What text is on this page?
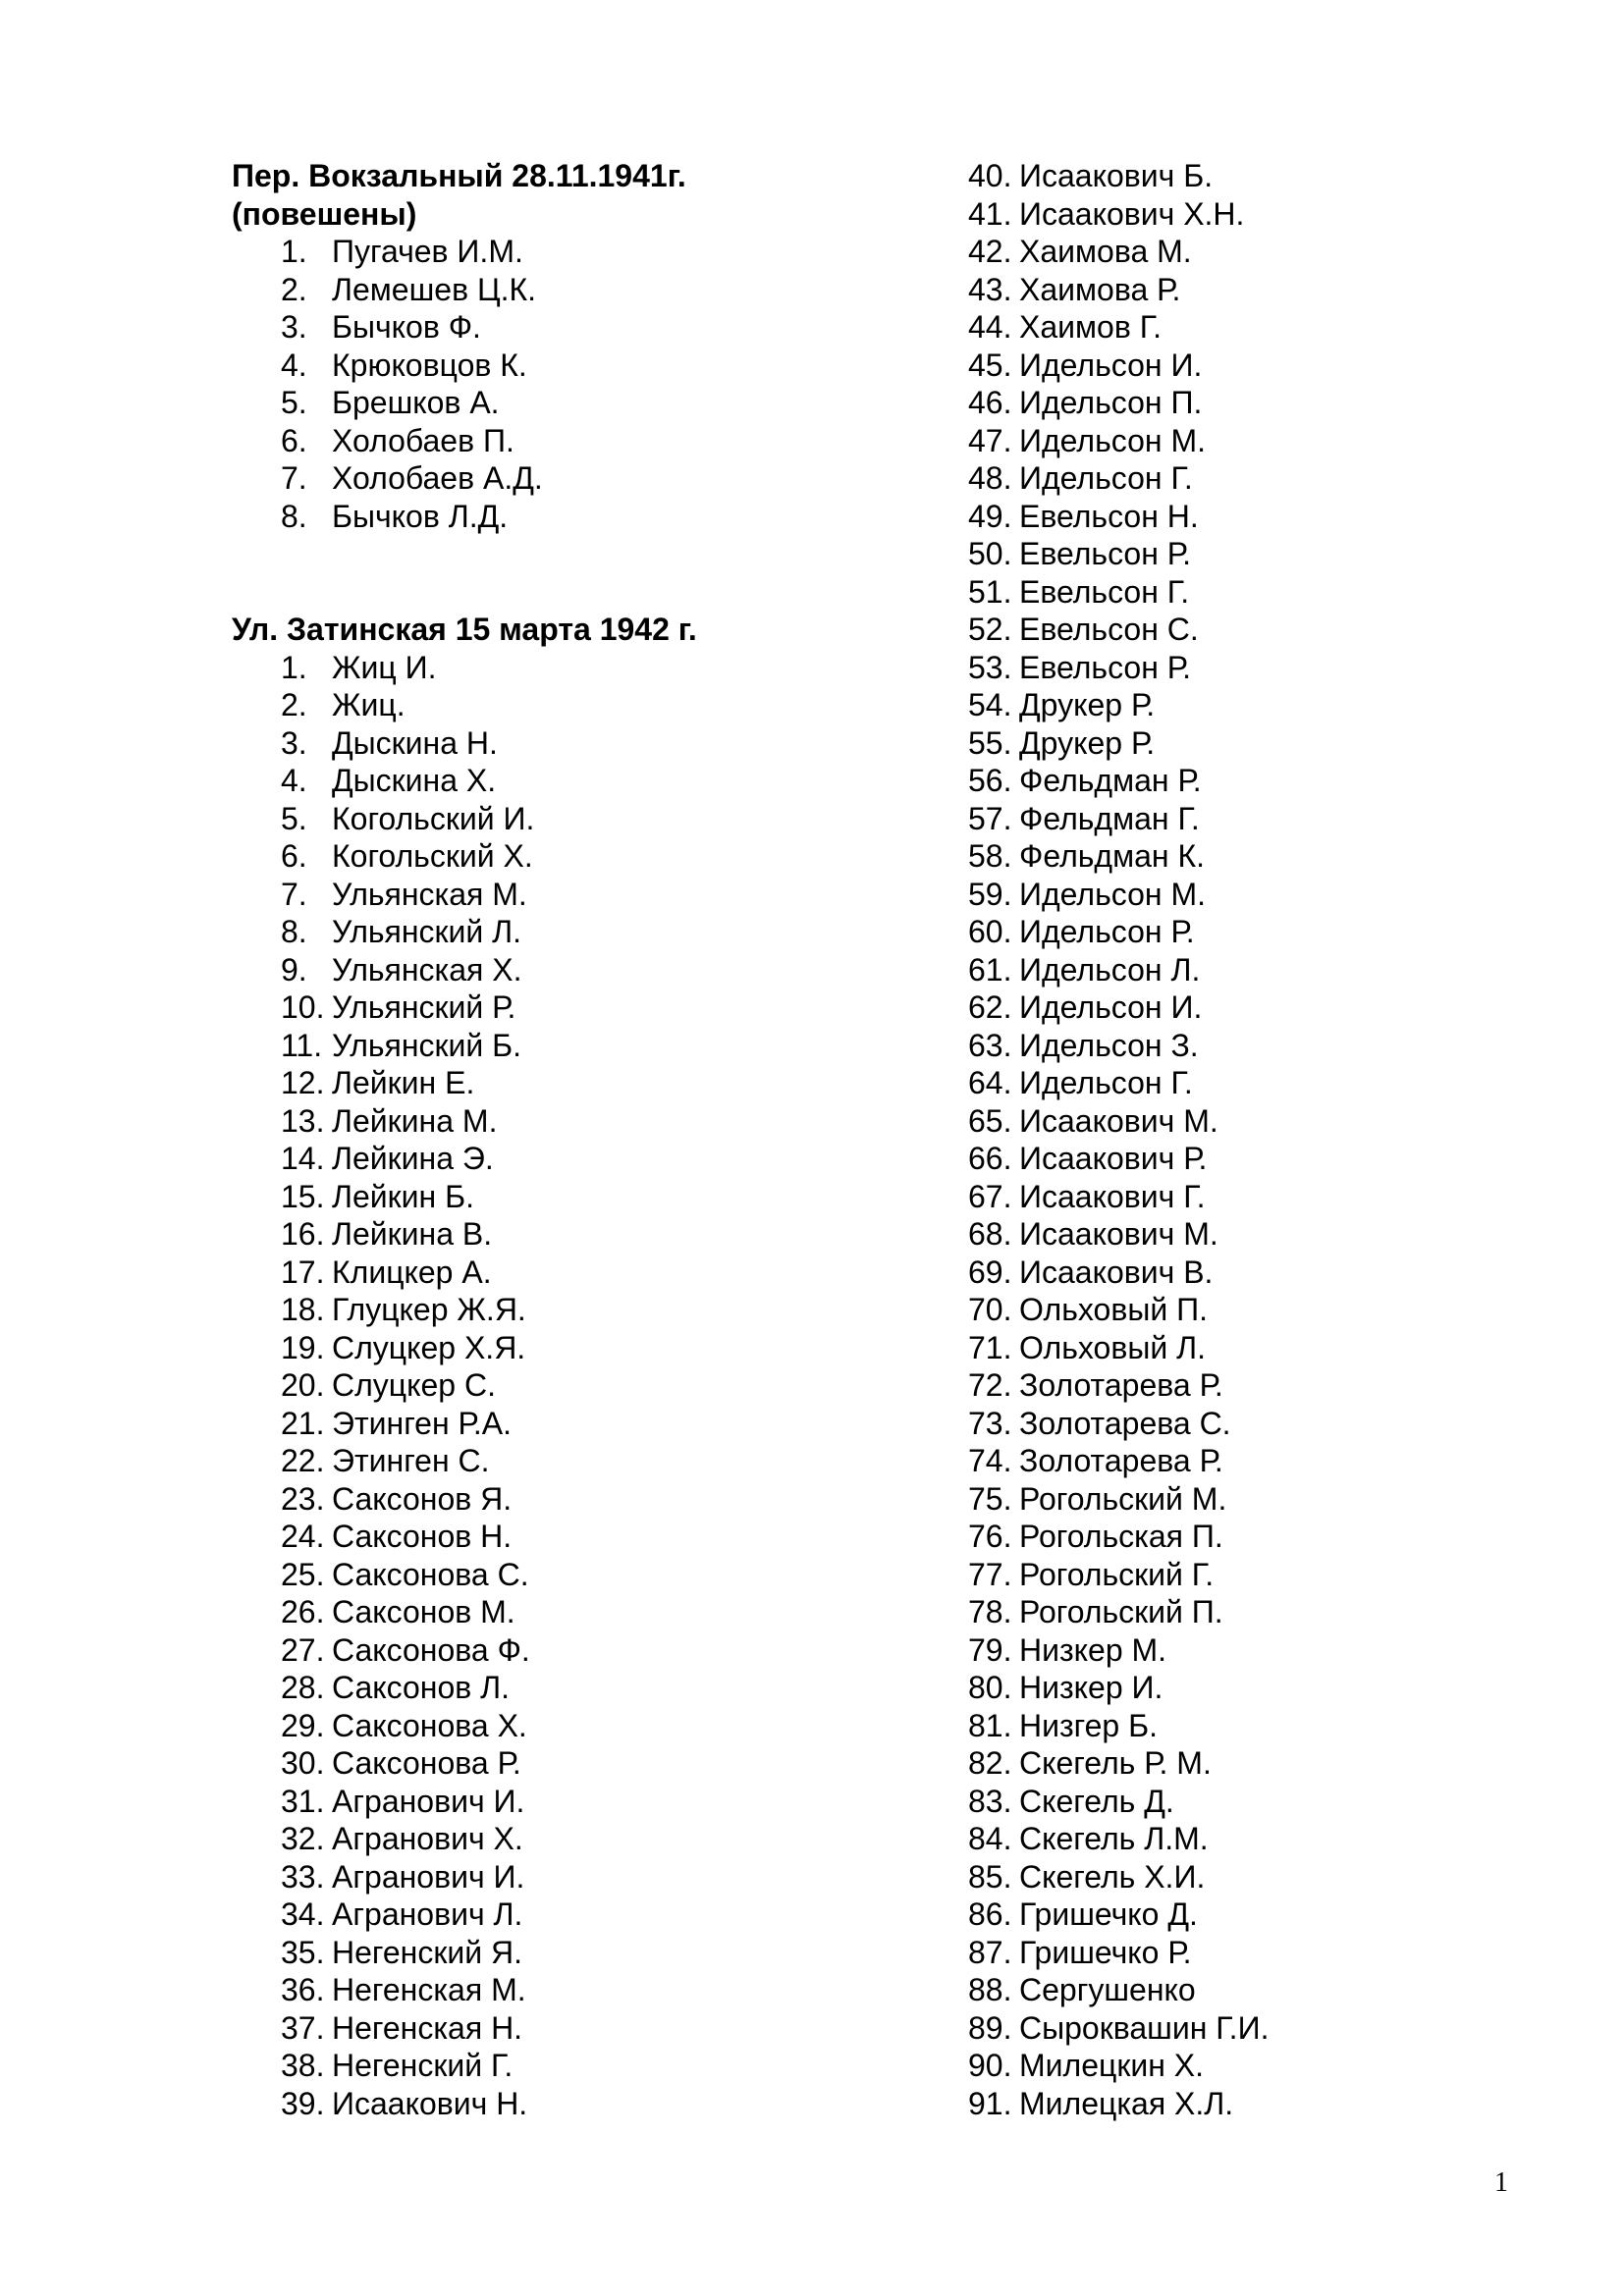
Пер. Вокзальный 28.11.1941г.
(повешены)
1. Пугачев И.М.
2. Лемешев Ц.К.
3. Бычков Ф.
4. Крюковцов К.
5. Брешков А.
6. Холобаев П.
7. Холобаев А.Д.
8. Бычков Л.Д.
Ул. Затинская 15 марта 1942 г.
1. Жиц И.
2. Жиц.
3. Дыскина Н.
4. Дыскина Х.
5. Когольский И.
6. Когольский Х.
7. Ульянская М.
8. Ульянский Л.
9. Ульянская Х.
10. Ульянский Р.
11. Ульянский Б.
12. Лейкин Е.
13. Лейкина М.
14. Лейкина Э.
15. Лейкин Б.
16. Лейкина В.
17. Клицкер А.
18. Глуцкер Ж.Я.
19. Слуцкер Х.Я.
20. Слуцкер С.
21. Этинген Р.А.
22. Этинген С.
23. Саксонов Я.
24. Саксонов Н.
25. Саксонова С.
26. Саксонов М.
27. Саксонова Ф.
28. Саксонов Л.
29. Саксонова Х.
30. Саксонова Р.
31. Агранович И.
32. Агранович Х.
33. Агранович И.
34. Агранович Л.
35. Негенский Я.
36. Негенская М.
37. Негенская Н.
38. Негенский Г.
39. Исаакович Н.
40. Исаакович Б.
41. Исаакович Х.Н.
42. Хаимова М.
43. Хаимова Р.
44. Хаимов Г.
45. Идельсон И.
46. Идельсон П.
47. Идельсон М.
48. Идельсон Г.
49. Евельсон Н.
50. Евельсон Р.
51. Евельсон Г.
52. Евельсон С.
53. Евельсон Р.
54. Друкер Р.
55. Друкер Р.
56. Фельдман Р.
57. Фельдман Г.
58. Фельдман К.
59. Идельсон М.
60. Идельсон Р.
61. Идельсон Л.
62. Идельсон И.
63. Идельсон З.
64. Идельсон Г.
65. Исаакович М.
66. Исаакович Р.
67. Исаакович Г.
68. Исаакович М.
69. Исаакович В.
70. Ольховый П.
71. Ольховый Л.
72. Золотарева Р.
73. Золотарева С.
74. Золотарева Р.
75. Рогольский М.
76. Рогольская П.
77. Рогольский Г.
78. Рогольский П.
79. Низкер М.
80. Низкер И.
81. Низгер Б.
82. Скегель Р. М.
83. Скегель Д.
84. Скегель Л.М.
85. Скегель Х.И.
86. Гришечко Д.
87. Гришечко Р.
88. Сергушенко
89. Сыроквашин Г.И.
90. Милецкин Х.
91. Милецкая Х.Л.
1
